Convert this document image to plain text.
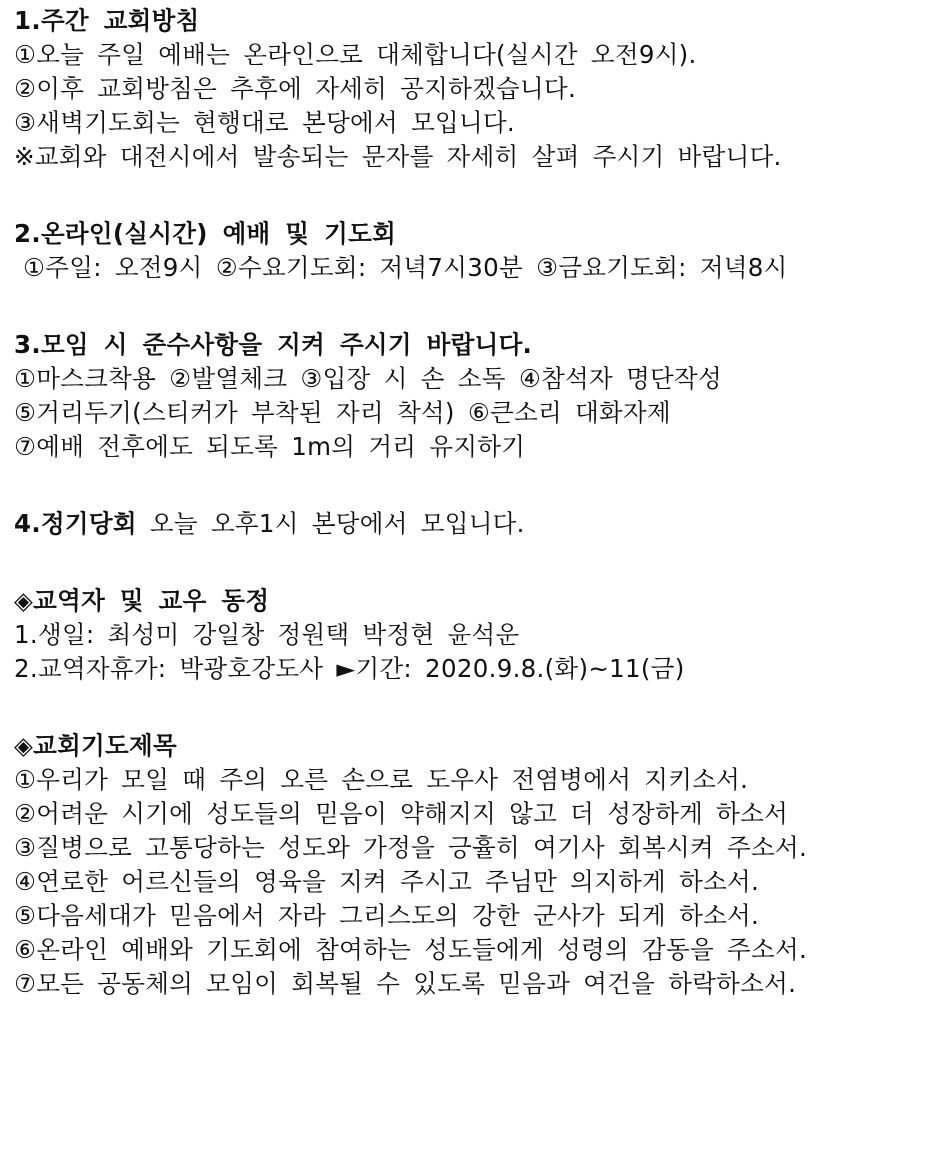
1.주간 교회방침
①오늘 주일 예배는 온라인으로 대체합니다(실시간 오전9시).
②이후 교회방침은 추후에 자세히 공지하겠습니다.
③새벽기도회는 현행대로 본당에서 모입니다.
※교회와 대전시에서 발송되는 문자를 자세히 살펴 주시기 바랍니다.
2.온라인(실시간) 예배 및 기도회
①주일: 오전9시 ②수요기도회: 저녁7시30분 ③금요기도회: 저녁8시
3.모임 시 준수사항을 지켜 주시기 바랍니다.
①마스크착용 ②발열체크 ③입장 시 손 소독 ④참석자 명단작성
⑤거리두기(스티커가 부착된 자리 착석) ⑥큰소리 대화자제
⑦예배 전후에도 되도록 1m의 거리 유지하기
4.정기당회 오늘 오후1시 본당에서 모입니다.
◈교역자 및 교우 동정
1.생일: 최성미 강일창 정원택 박정현 윤석운
2.교역자휴가: 박광호강도사 ►기간: 2020.9.8.(화)~11(금)
◈교회기도제목
①우리가 모일 때 주의 오른 손으로 도우사 전염병에서 지키소서.
②어려운 시기에 성도들의 믿음이 약해지지 않고 더 성장하게 하소서
③질병으로 고통당하는 성도와 가정을 긍휼히 여기사 회복시켜 주소서.
④연로한 어르신들의 영육을 지켜 주시고 주님만 의지하게 하소서.
⑤다음세대가 믿음에서 자라 그리스도의 강한 군사가 되게 하소서.
⑥온라인 예배와 기도회에 참여하는 성도들에게 성령의 감동을 주소서.
⑦모든 공동체의 모임이 회복될 수 있도록 믿음과 여건을 하락하소서.
